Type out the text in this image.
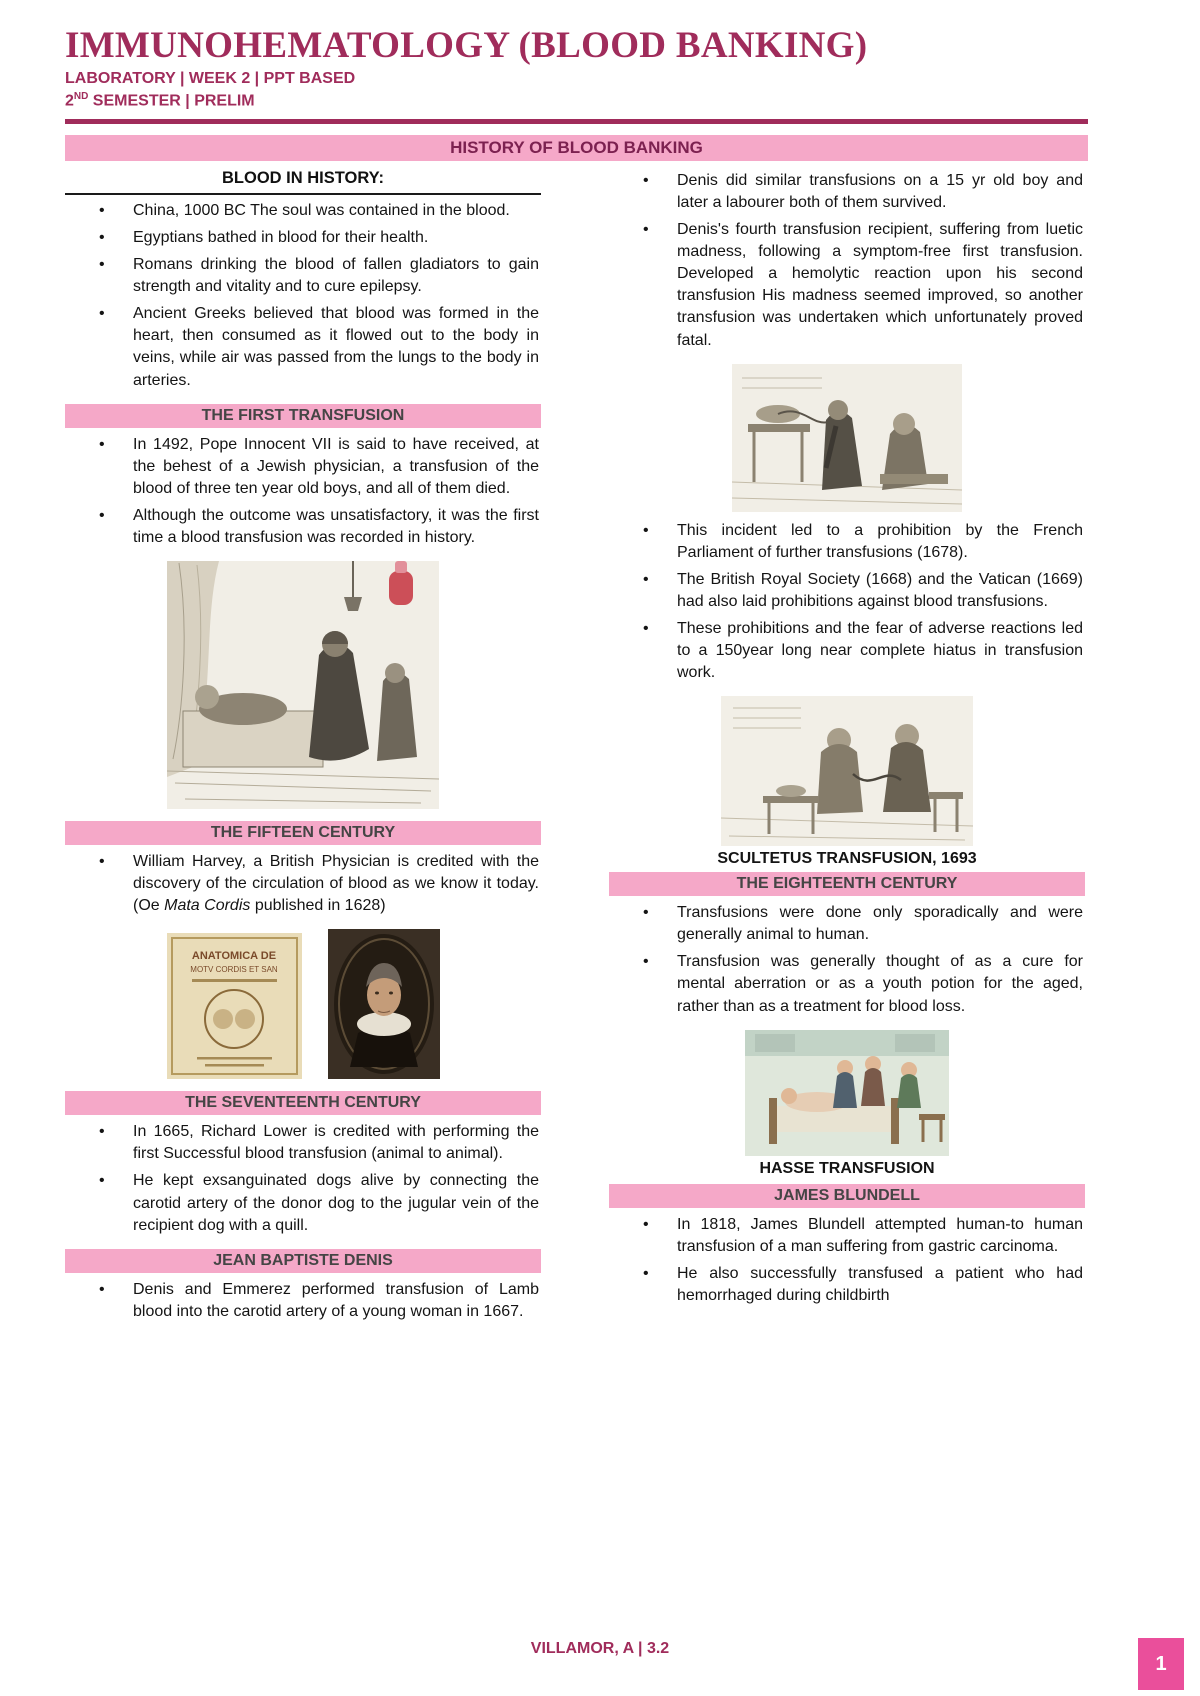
IMMUNOHEMATOLOGY (BLOOD BANKING)
LABORATORY | WEEK 2 | PPT BASED
2ND SEMESTER | PRELIM
HISTORY OF BLOOD BANKING
BLOOD IN HISTORY:
• China, 1000 BC The soul was contained in the blood.
• Egyptians bathed in blood for their health.
• Romans drinking the blood of fallen gladiators to gain strength and vitality and to cure epilepsy.
• Ancient Greeks believed that blood was formed in the heart, then consumed as it flowed out to the body in veins, while air was passed from the lungs to the body in arteries.
THE FIRST TRANSFUSION
• In 1492, Pope Innocent VII is said to have received, at the behest of a Jewish physician, a transfusion of the blood of three ten year old boys, and all of them died.
• Although the outcome was unsatisfactory, it was the first time a blood transfusion was recorded in history.
THE FIFTEEN CENTURY
• William Harvey, a British Physician is credited with the discovery of the circulation of blood as we know it today. (Oe Mata Cordis published in 1628)
ANATOMICA DE
MOTV CORDIS ET SAN
THE SEVENTEENTH CENTURY
• In 1665, Richard Lower is credited with performing the first Successful blood transfusion (animal to animal).
• He kept exsanguinated dogs alive by connecting the carotid artery of the donor dog to the jugular vein of the recipient dog with a quill.
JEAN BAPTISTE DENIS
• Denis and Emmerez performed transfusion of Lamb blood into the carotid artery of a young woman in 1667.
• Denis did similar transfusions on a 15 yr old boy and later a labourer both of them survived.
• Denis's fourth transfusion recipient, suffering from luetic madness, following a symptom-free first transfusion. Developed a hemolytic reaction upon his second transfusion His madness seemed improved, so another transfusion was undertaken which unfortunately proved fatal.
• This incident led to a prohibition by the French Parliament of further transfusions (1678).
• The British Royal Society (1668) and the Vatican (1669) had also laid prohibitions against blood transfusions.
• These prohibitions and the fear of adverse reactions led to a 150year long near complete hiatus in transfusion work.
SCULTETUS TRANSFUSION, 1693
THE EIGHTEENTH CENTURY
• Transfusions were done only sporadically and were generally animal to human.
• Transfusion was generally thought of as a cure for mental aberration or as a youth potion for the aged, rather than as a treatment for blood loss.
HASSE TRANSFUSION
JAMES BLUNDELL
• In 1818, James Blundell attempted human-to human transfusion of a man suffering from gastric carcinoma.
• He also successfully transfused a patient who had hemorrhaged during childbirth
VILLAMOR, A | 3.2
1
